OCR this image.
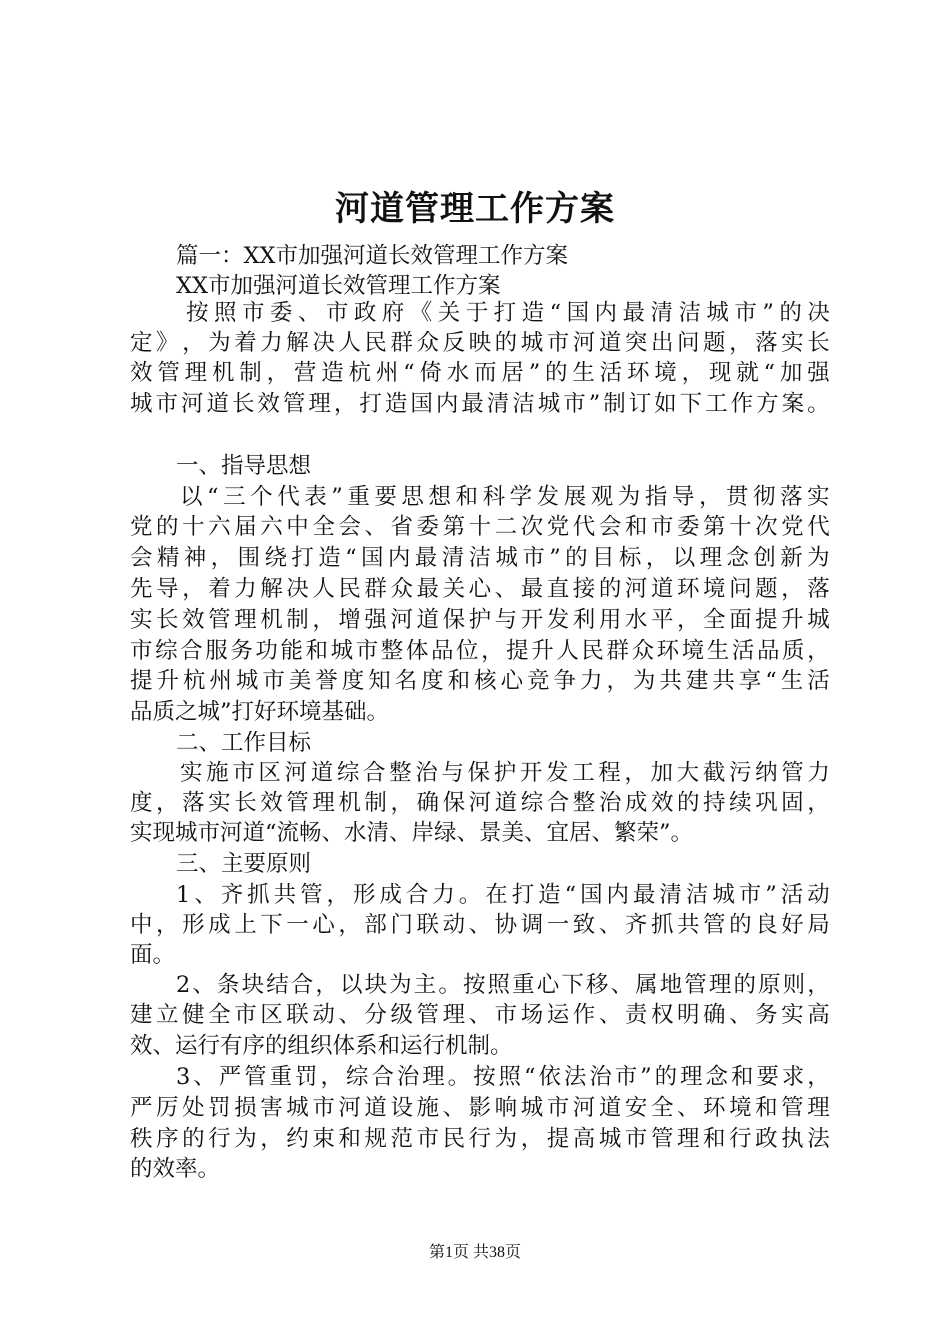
河道管理工作方案
篇一：XX市加强河道长效管理工作方案
XX市加强河道长效管理工作方案
按 照 市 委 、 市 政 府 《 关 于 打 造 “ 国 内 最 清 洁 城 市 ” 的 决
定 》 ， 为 着 力 解 决 人 民 群 众 反 映 的 城 市 河 道 突 出 问 题 ， 落 实 长
效 管 理 机 制 ， 营 造 杭 州 “ 倚 水 而 居 ” 的 生 活 环 境 ， 现 就 “ 加 强
城 市 河 道 长 效 管 理 ， 打 造 国 内 最 清 洁 城 市 ” 制 订 如 下 工 作 方 案 。
一、指导思想
以 “ 三 个 代 表 ” 重 要 思 想 和 科 学 发 展 观 为 指 导 ， 贯 彻 落 实
党 的 十 六 届 六 中 全 会 、 省 委 第 十 二 次 党 代 会 和 市 委 第 十 次 党 代
会 精 神 ， 围 绕 打 造 “ 国 内 最 清 洁 城 市 ” 的 目 标 ， 以 理 念 创 新 为
先 导 ， 着 力 解 决 人 民 群 众 最 关 心 、 最 直 接 的 河 道 环 境 问 题 ， 落
实 长 效 管 理 机 制 ， 增 强 河 道 保 护 与 开 发 利 用 水 平 ， 全 面 提 升 城
市 综 合 服 务 功 能 和 城 市 整 体 品 位 ， 提 升 人 民 群 众 环 境 生 活 品 质 ，
提 升 杭 州 城 市 美 誉 度 知 名 度 和 核 心 竞 争 力 ， 为 共 建 共 享 “ 生 活
品质之城”打好环境基础。
二、工作目标
实 施 市 区 河 道 综 合 整 治 与 保 护 开 发 工 程 ， 加 大 截 污 纳 管 力
度 ， 落 实 长 效 管 理 机 制 ， 确 保 河 道 综 合 整 治 成 效 的 持 续 巩 固 ，
实现城市河道“流畅、水清、岸绿、景美、宜居、繁荣”。
三、主要原则
1 、 齐 抓 共 管 ， 形 成 合 力 。 在 打 造 “ 国 内 最 清 洁 城 市 ” 活 动
中 ， 形 成 上 下 一 心 ， 部 门 联 动 、 协 调 一 致 、 齐 抓 共 管 的 良 好 局
面。
2 、 条 块 结 合 ， 以 块 为 主 。 按 照 重 心 下 移 、 属 地 管 理 的 原 则 ，
建 立 健 全 市 区 联 动 、 分 级 管 理 、 市 场 运 作 、 责 权 明 确 、 务 实 高
效、运行有序的组织体系和运行机制。
3 、 严 管 重 罚 ， 综 合 治 理 。 按 照 “ 依 法 治 市 ” 的 理 念 和 要 求 ，
严 厉 处 罚 损 害 城 市 河 道 设 施 、 影 响 城 市 河 道 安 全 、 环 境 和 管 理
秩 序 的 行 为 ， 约 束 和 规 范 市 民 行 为 ， 提 高 城 市 管 理 和 行 政 执 法
的效率。
第1页 共38页
